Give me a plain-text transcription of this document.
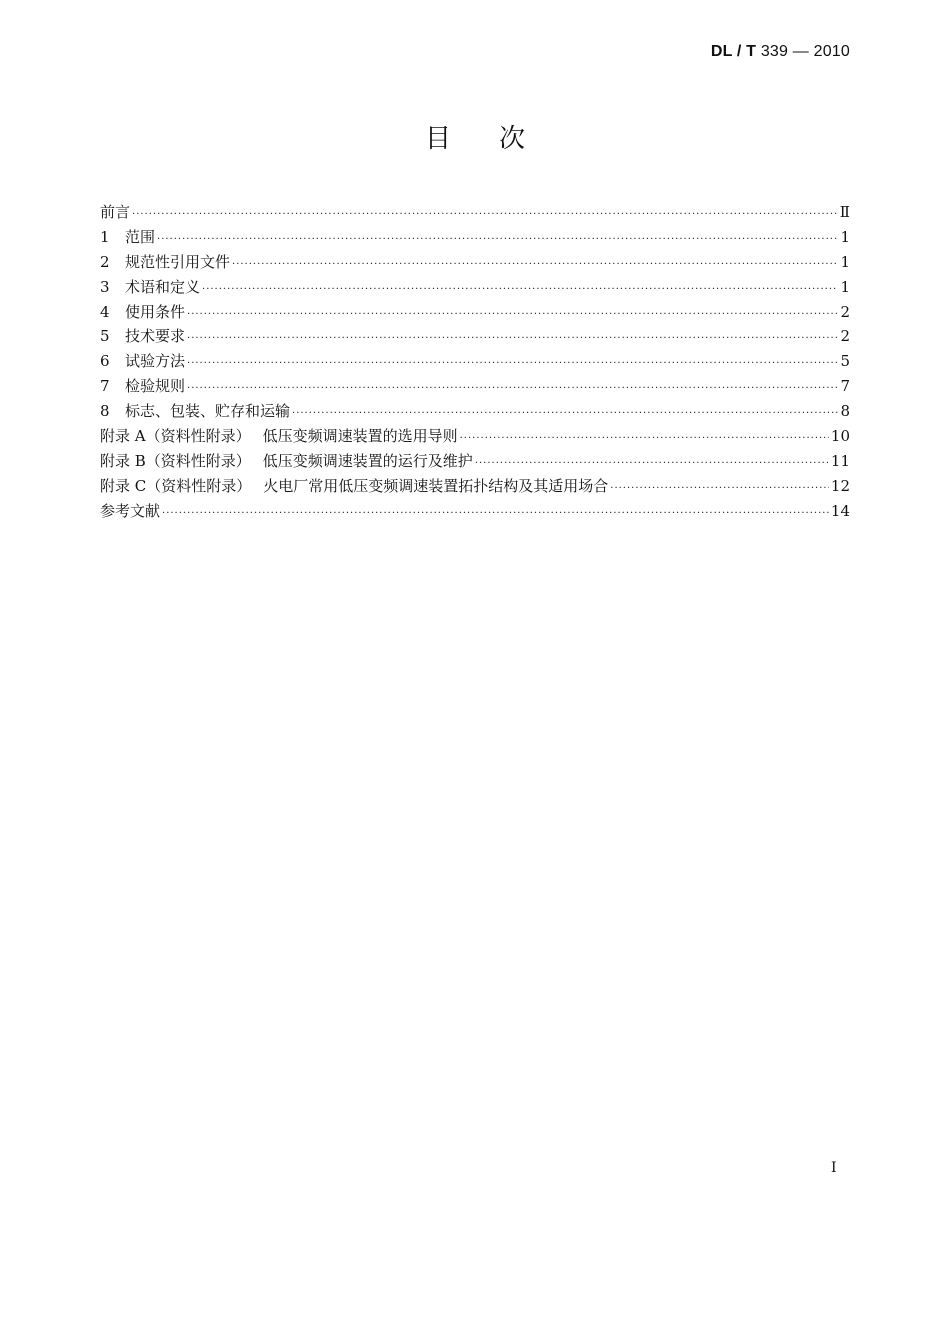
DL / T 339 — 2010
目次
前言 ·····	Ⅱ
1	范围 ·····	1
2	规范性引用文件 ·····	1
3	术语和定义 ·····	1
4	使用条件 ·····	2
5	技术要求 ·····	2
6	试验方法 ·····	5
7	检验规则 ·····	7
8	标志、包装、贮存和运输 ·····	8
附录 A（资料性附录） 低压变频调速装置的选用导则 ·····	10
附录 B（资料性附录） 低压变频调速装置的运行及维护 ·····	11
附录 C（资料性附录） 火电厂常用低压变频调速装置拓扑结构及其适用场合 ·····	12
参考文献 ·····	14
Ⅰ
